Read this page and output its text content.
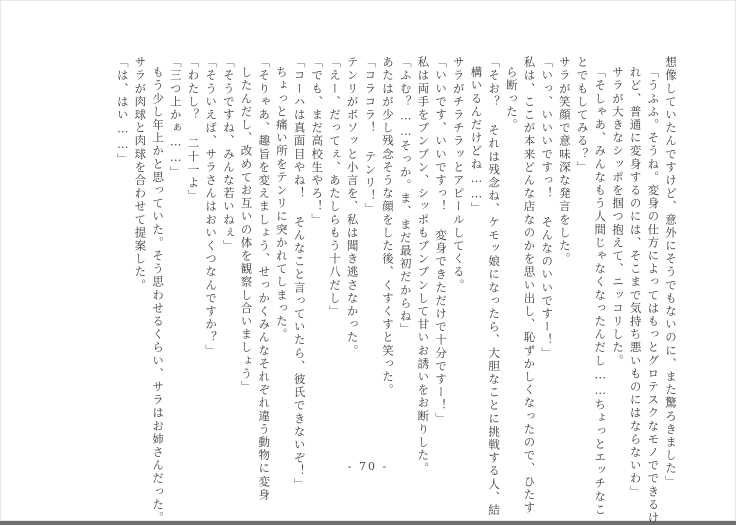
想像していたんですけど、意外にそうでもないのに、また驚ろきました」
「うふふ。そうね。変身の仕方によってはもっとグロテスクなモノでできるけ
れど、普通に変身するのには、そこまで気持ち悪いものにはならないわ」
サラが大きなシッポを掴つ抱えて、ニッコリした。
「そしゃあ、みんなもう人間じゃなくなったんだし……ちょっとエッチなこ
とでもしてみる？」
サラが笑顔で意味深な発言をした。
「いっ、いいいですっ！ そんなのいいですー！」
私は、ここが本来どんな店なのかを思い出し、恥ずかしくなったので、ひたす
ら断った。
「そお？ それは残念ね、ケモッ娘になったら、大胆なことに挑戦する人、結
構いるんだけどね……」
サラがチラチラッとアピールしてくる。
「いいです、いいですっ！ 変身できただけで十分ですー！」
私は両手をブンブン、シッポもブンブンして甘いお誘いをお断りした。
「ふむ？……そっか。ま、まだ最初だからね」
あたはが少し残念そうな顔をした後、くすくすと笑った。
「コラコラ！ テンリ！」
テンリがボソッと小言を、私は聞き逃さなかった。
「えー、だってぇ、あたしらもう十八だし」
「でも、まだ高校生やろ！」
「コーハは真面目やね！ そんなこと言っていたら、彼氏できないぞ！」
ちょっと痛い所をテンリに突かれてしまった。
「そりゃあ、趣旨を変えましょう、せっかくみんなそれぞれ違う動物に変身
したんだし、改めてお互いの体を観察し合いましょう」
「そうですね、みんな若いねぇ」
「そういえば、サラさんはおいくつなんですか？」
「わたし？ 二十一よ」
「三つ上かぁ……」
もう少し年上かと思っていた。そう思わせるくらい、サラはお姉さんだった。
サラが肉球と肉球を合わせて提案した。
「は、はい……」
- 70 -
